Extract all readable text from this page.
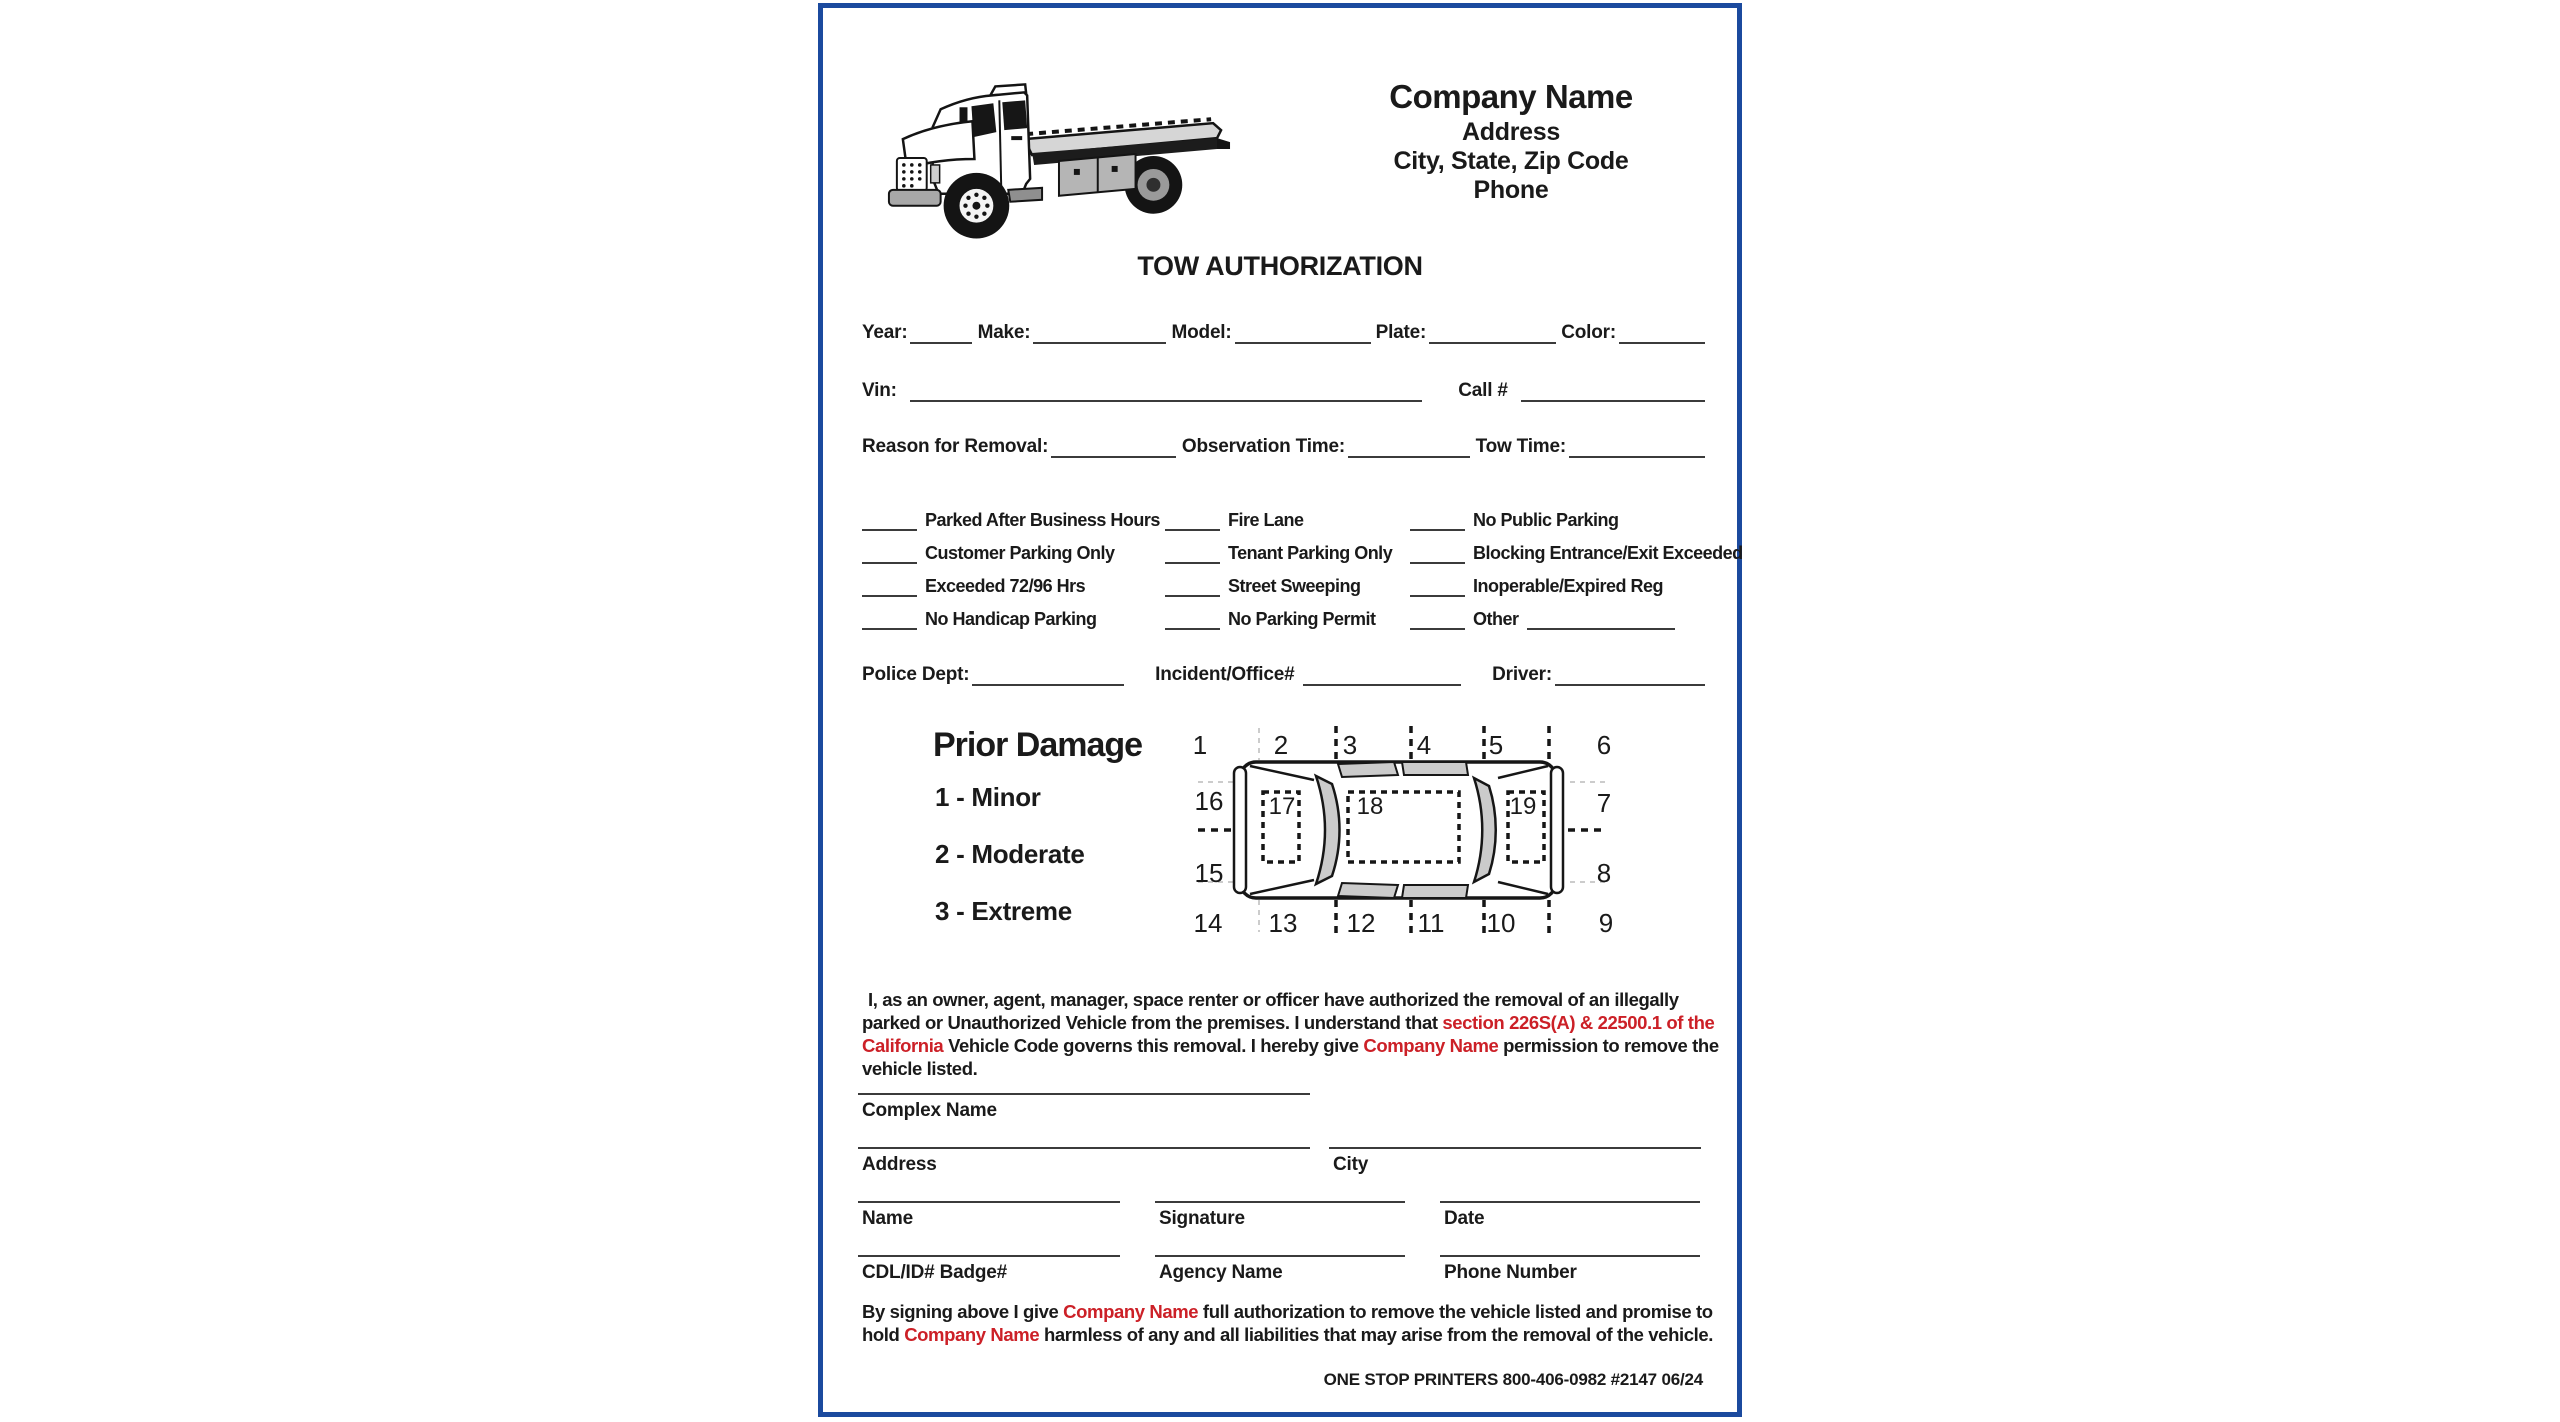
Company Name
Address
City, State, Zip Code
Phone
TOW AUTHORIZATION
Year:	Make:	Model:	Plate:	Color:
Vin:	Call #
Reason for Removal:	Observation Time:	Tow Time:
Parked After Business Hours	Fire Lane	No Public Parking
Customer Parking Only	Tenant Parking Only	Blocking Entrance/Exit Exceeded
Exceeded 72/96 Hrs	Street Sweeping	Inoperable/Expired Reg
No Handicap Parking	No Parking Permit	Other
Police Dept:	Incident/Office#	Driver:
Prior Damage
1 - Minor
2 - Moderate
3 - Extreme
1	2 3 4 5	6
16
15
7
8
14 13 12 11 10	9
17	18	19

I, as an owner, agent, manager, space renter or officer have authorized the removal of an illegally parked or Unauthorized Vehicle from the premises. I understand that section 226S(A) & 22500.1 of the California Vehicle Code governs this removal. I hereby give Company Name permission to remove the vehicle listed.

Complex Name
Address	City
Name	Signature	Date
CDL/ID# Badge#	Agency Name	Phone Number

By signing above I give Company Name full authorization to remove the vehicle listed and promise to hold Company Name harmless of any and all liabilities that may arise from the removal of the vehicle.

ONE STOP PRINTERS 800-406-0982 #2147 06/24
